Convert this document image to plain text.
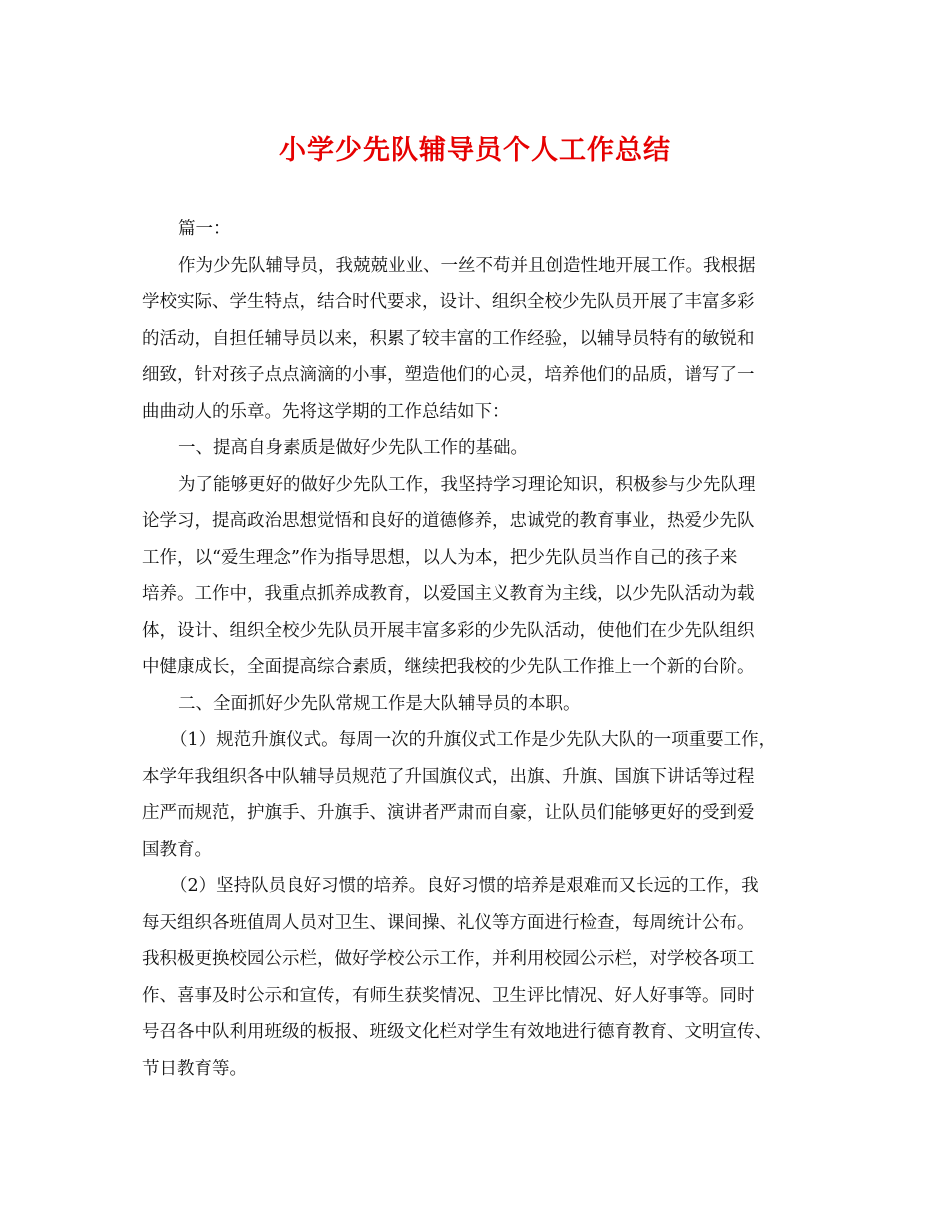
小学少先队辅导员个人工作总结
篇一：
作为少先队辅导员，我兢兢业业、一丝不苟并且创造性地开展工作。我根据
学校实际、学生特点，结合时代要求，设计、组织全校少先队员开展了丰富多彩
的活动，自担任辅导员以来，积累了较丰富的工作经验，以辅导员特有的敏锐和
细致，针对孩子点点滴滴的小事，塑造他们的心灵，培养他们的品质，谱写了一
曲曲动人的乐章。先将这学期的工作总结如下：
一、提高自身素质是做好少先队工作的基础。
为了能够更好的做好少先队工作，我坚持学习理论知识，积极参与少先队理
论学习，提高政治思想觉悟和良好的道德修养，忠诚党的教育事业，热爱少先队
工作，以“爱生理念”作为指导思想，以人为本，把少先队员当作自己的孩子来
培养。工作中，我重点抓养成教育，以爱国主义教育为主线，以少先队活动为载
体，设计、组织全校少先队员开展丰富多彩的少先队活动，使他们在少先队组织
中健康成长，全面提高综合素质，继续把我校的少先队工作推上一个新的台阶。
二、全面抓好少先队常规工作是大队辅导员的本职。
（1）规范升旗仪式。每周一次的升旗仪式工作是少先队大队的一项重要工作，
本学年我组织各中队辅导员规范了升国旗仪式，出旗、升旗、国旗下讲话等过程
庄严而规范，护旗手、升旗手、演讲者严肃而自豪，让队员们能够更好的受到爱
国教育。
（2）坚持队员良好习惯的培养。良好习惯的培养是艰难而又长远的工作，我
每天组织各班值周人员对卫生、课间操、礼仪等方面进行检查，每周统计公布。
我积极更换校园公示栏，做好学校公示工作，并利用校园公示栏，对学校各项工
作、喜事及时公示和宣传，有师生获奖情况、卫生评比情况、好人好事等。同时
号召各中队利用班级的板报、班级文化栏对学生有效地进行德育教育、文明宣传、
节日教育等。
